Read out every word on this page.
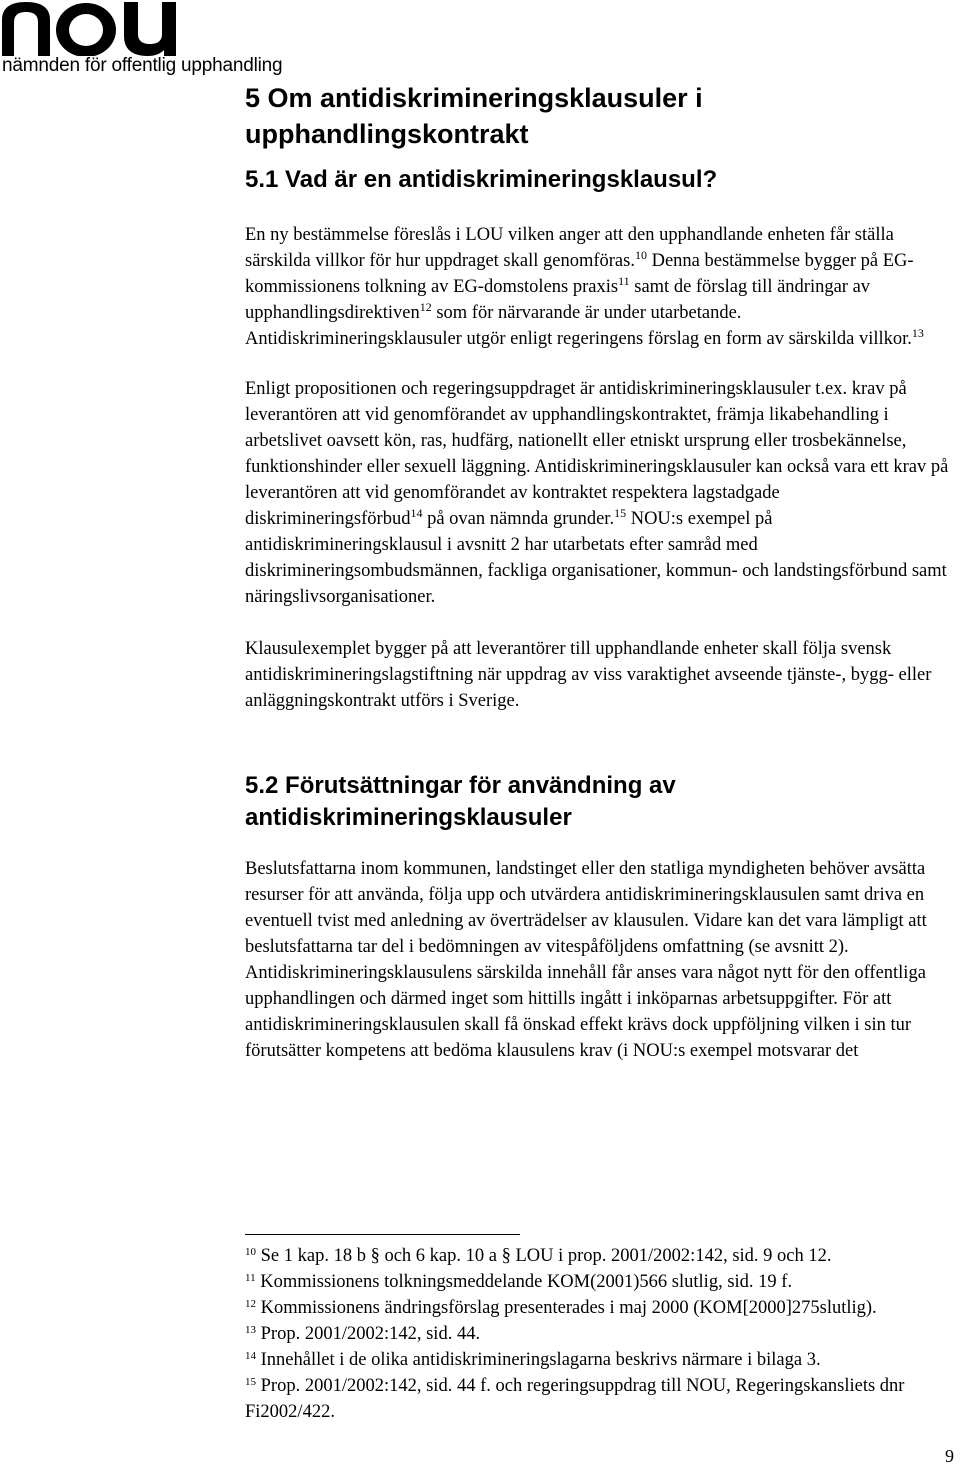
nämnden för offentlig upphandling
5 Om antidiskrimineringsklausuler i upphandlingskontrakt
5.1 Vad är en antidiskrimineringsklausul?

En ny bestämmelse föreslås i LOU vilken anger att den upphandlande enheten får ställa särskilda villkor för hur uppdraget skall genomföras.$^{10}$ Denna bestämmelse bygger på EG-kommissionens tolkning av EG-domstolens praxis$^{11}$ samt de förslag till ändringar av upphandlingsdirektiven$^{12}$ som för närvarande är under utarbetande. Antidiskrimineringsklausuler utgör enligt regeringens förslag en form av särskilda villkor.$^{13}$

Enligt propositionen och regeringsuppdraget är antidiskrimineringsklausuler t.ex. krav på leverantören att vid genomförandet av upphandlingskontraktet, främja likabehandling i arbetslivet oavsett kön, ras, hudfärg, nationellt eller etniskt ursprung eller trosbekännelse, funktionshinder eller sexuell läggning. Antidiskrimineringsklausuler kan också vara ett krav på leverantören att vid genomförandet av kontraktet respektera lagstadgade diskrimineringsförbud$^{14}$ på ovan nämnda grunder.$^{15}$ NOU:s exempel på antidiskrimineringsklausul i avsnitt 2 har utarbetats efter samråd med diskrimineringsombudsmännen, fackliga organisationer, kommun- och landstingsförbund samt näringslivsorganisationer.

Klausulexemplet bygger på att leverantörer till upphandlande enheter skall följa svensk antidiskrimineringslagstiftning när uppdrag av viss varaktighet avseende tjänste-, bygg- eller anläggningskontrakt utförs i Sverige.

5.2 Förutsättningar för användning av antidiskrimineringsklausuler

Beslutsfattarna inom kommunen, landstinget eller den statliga myndigheten behöver avsätta resurser för att använda, följa upp och utvärdera antidiskrimineringsklausulen samt driva en eventuell tvist med anledning av överträdelser av klausulen. Vidare kan det vara lämpligt att beslutsfattarna tar del i bedömningen av vitespåföljdens omfattning (se avsnitt 2). Antidiskrimineringsklausulens särskilda innehåll får anses vara något nytt för den offentliga upphandlingen och därmed inget som hittills ingått i inköparnas arbetsuppgifter. För att antidiskrimineringsklausulen skall få önskad effekt krävs dock uppföljning vilken i sin tur förutsätter kompetens att bedöma klausulens krav (i NOU:s exempel motsvarar det

$^{10}$ Se 1 kap. 18 b § och 6 kap. 10 a § LOU i prop. 2001/2002:142, sid. 9 och 12.

$^{11}$ Kommissionens tolkningsmeddelande KOM(2001)566 slutlig, sid. 19 f.

$^{12}$ Kommissionens ändringsförslag presenterades i maj 2000 (KOM[2000]275slutlig).

$^{13}$ Prop. 2001/2002:142, sid. 44.

$^{14}$ Innehållet i de olika antidiskrimineringslagarna beskrivs närmare i bilaga 3.

$^{15}$ Prop. 2001/2002:142, sid. 44 f. och regeringsuppdrag till NOU, Regeringskansliets dnr Fi2002/422.

9
